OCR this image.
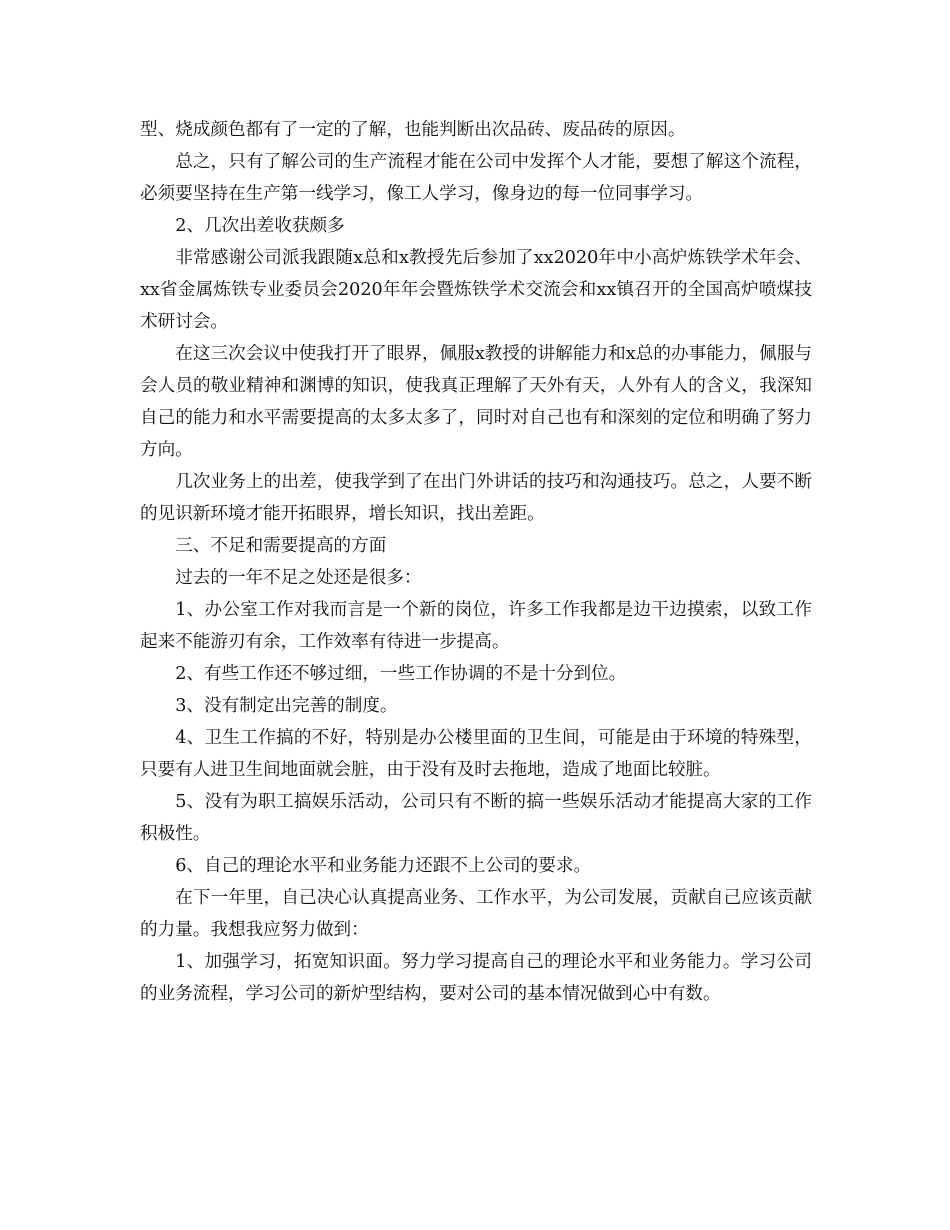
型、烧成颜色都有了一定的了解，也能判断出次品砖、废品砖的原因。

总之，只有了解公司的生产流程才能在公司中发挥个人才能，要想了解这个流程，必须要坚持在生产第一线学习，像工人学习，像身边的每一位同事学习。

2、几次出差收获颇多

非常感谢公司派我跟随x总和x教授先后参加了xx2020年中小高炉炼铁学术年会、xx省金属炼铁专业委员会2020年年会暨炼铁学术交流会和xx镇召开的全国高炉喷煤技术研讨会。

在这三次会议中使我打开了眼界，佩服x教授的讲解能力和x总的办事能力，佩服与会人员的敬业精神和渊博的知识，使我真正理解了天外有天，人外有人的含义，我深知自己的能力和水平需要提高的太多太多了，同时对自己也有和深刻的定位和明确了努力方向。

几次业务上的出差，使我学到了在出门外讲话的技巧和沟通技巧。总之，人要不断的见识新环境才能开拓眼界，增长知识，找出差距。

三、不足和需要提高的方面

过去的一年不足之处还是很多：

1、办公室工作对我而言是一个新的岗位，许多工作我都是边干边摸索，以致工作起来不能游刃有余，工作效率有待进一步提高。

2、有些工作还不够过细，一些工作协调的不是十分到位。

3、没有制定出完善的制度。

4、卫生工作搞的不好，特别是办公楼里面的卫生间，可能是由于环境的特殊型，只要有人进卫生间地面就会脏，由于没有及时去拖地，造成了地面比较脏。

5、没有为职工搞娱乐活动，公司只有不断的搞一些娱乐活动才能提高大家的工作积极性。

6、自己的理论水平和业务能力还跟不上公司的要求。

在下一年里，自己决心认真提高业务、工作水平，为公司发展，贡献自己应该贡献的力量。我想我应努力做到：

1、加强学习，拓宽知识面。努力学习提高自己的理论水平和业务能力。学习公司的业务流程，学习公司的新炉型结构，要对公司的基本情况做到心中有数。
